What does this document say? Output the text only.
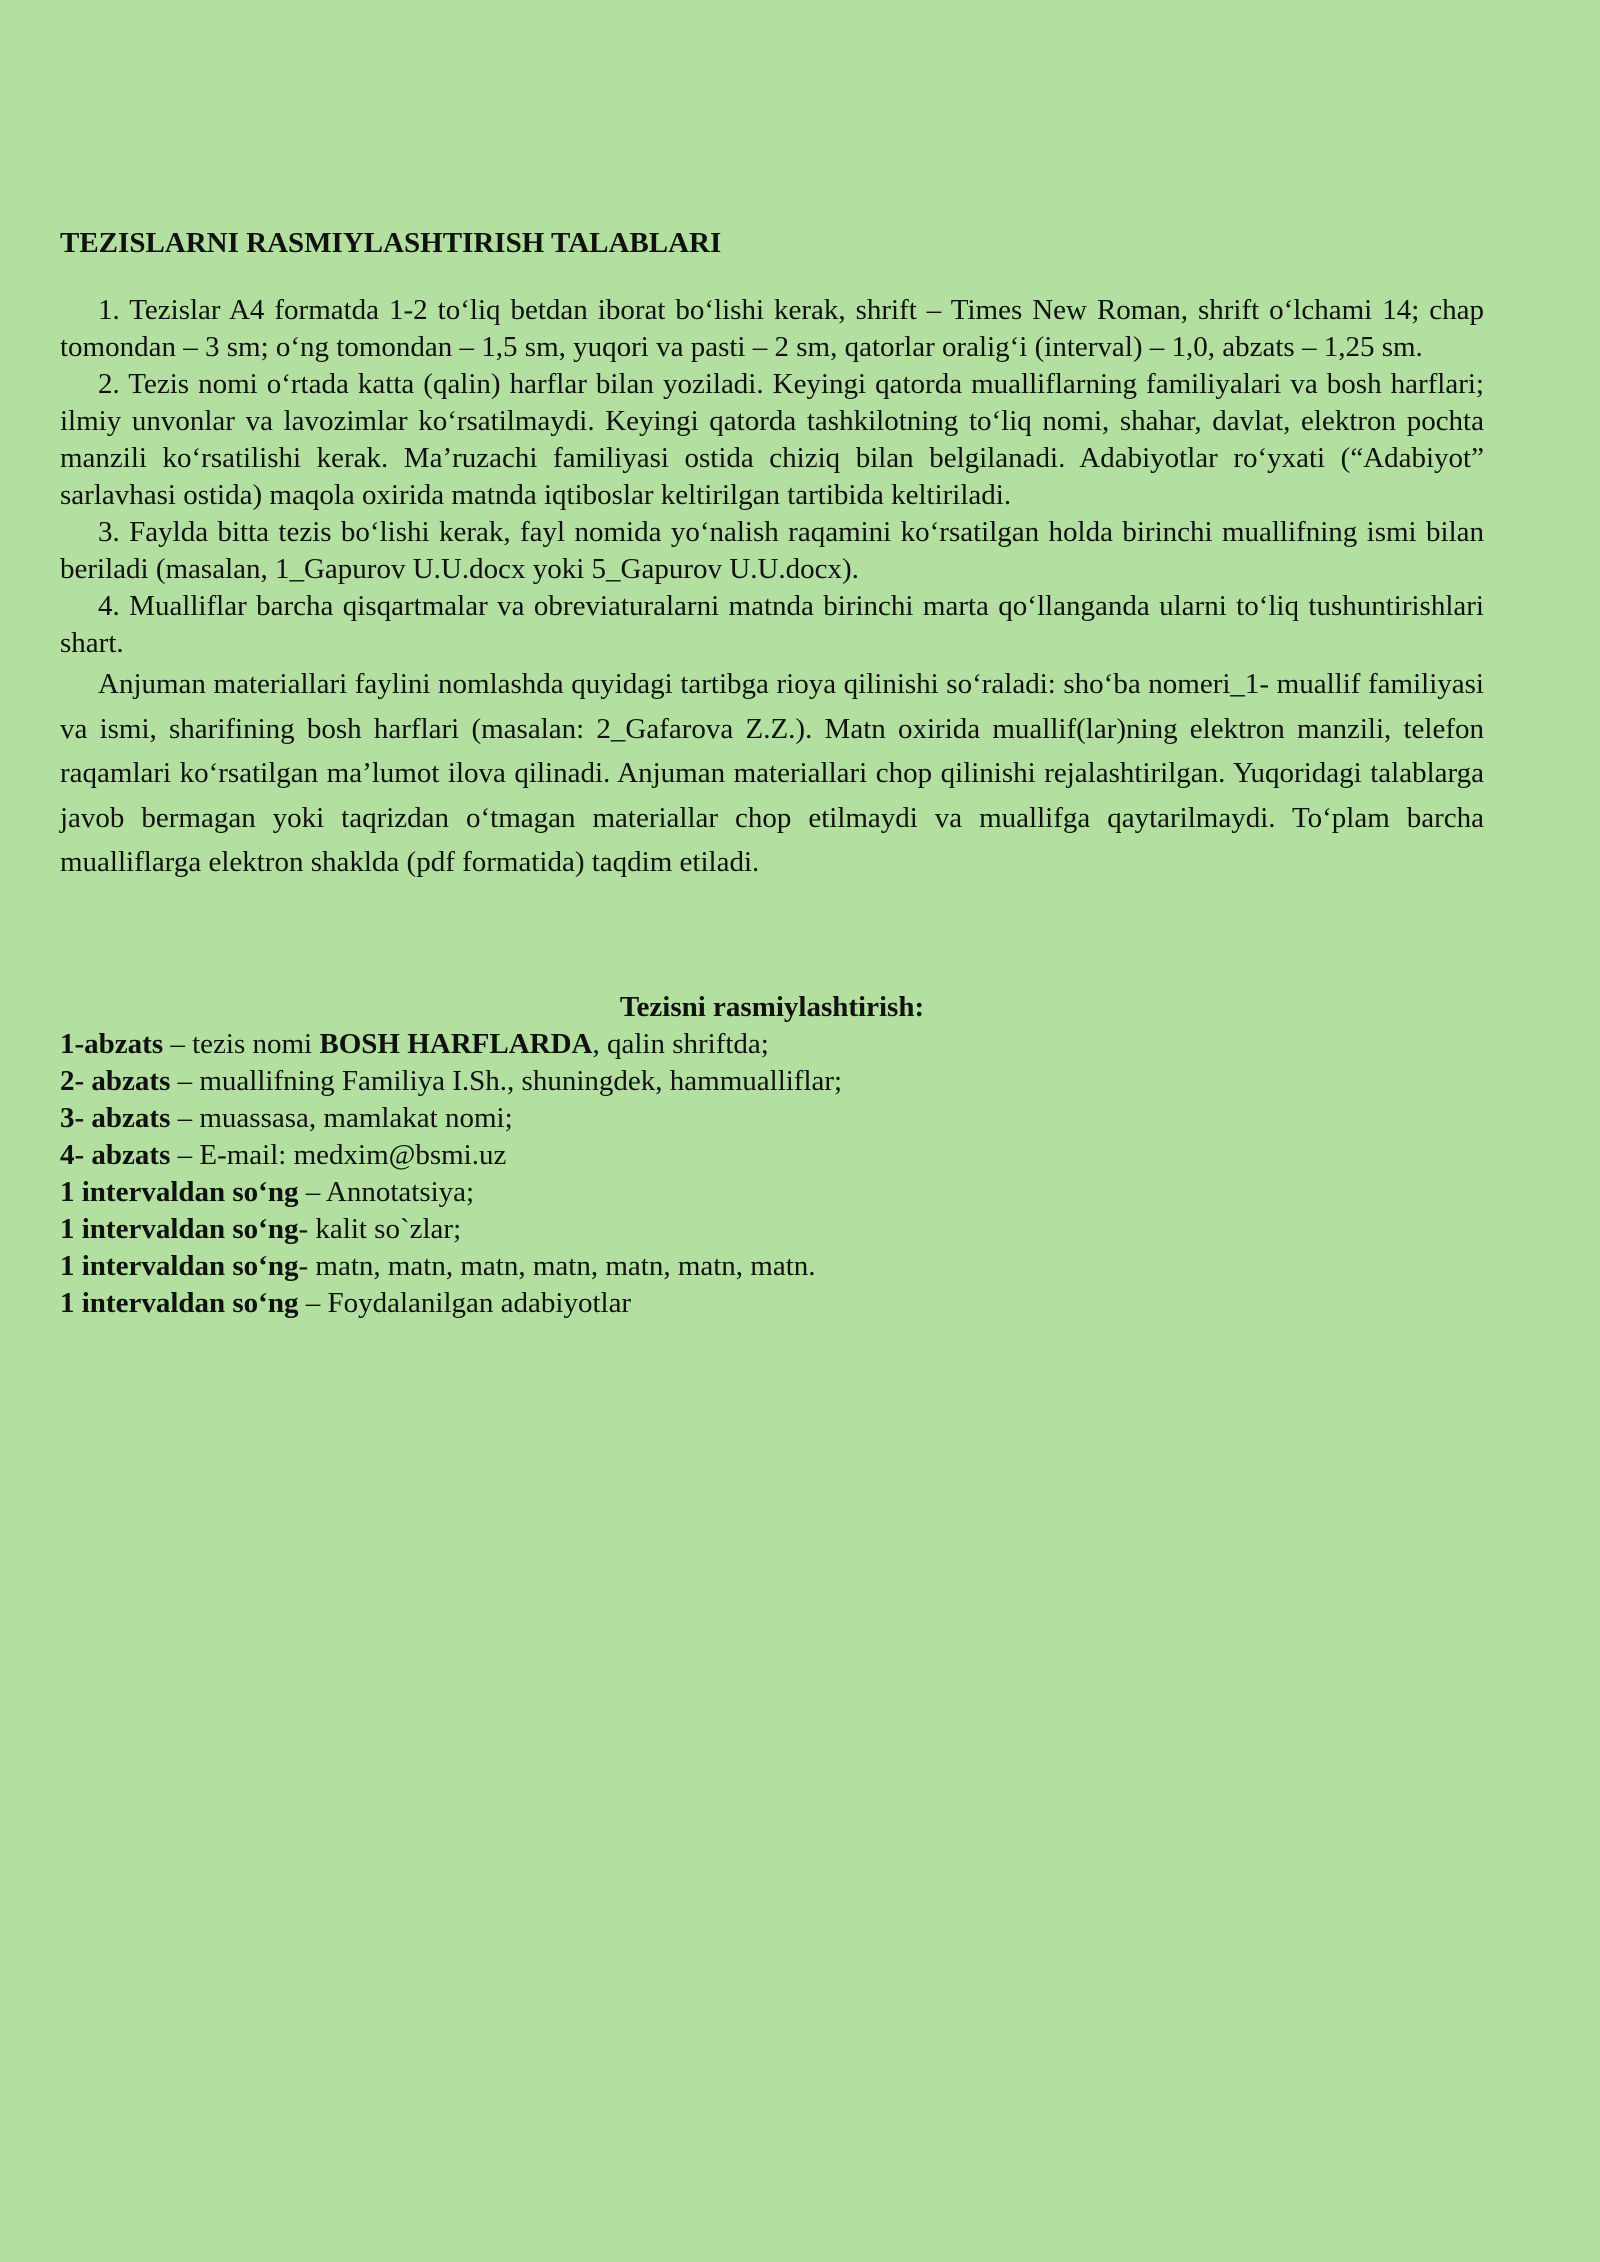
TEZISLARNI RASMIYLASHTIRISH TALABLARI

1. Tezislar A4 formatda 1-2 to‘liq betdan iborat bo‘lishi kerak, shrift – Times New Roman, shrift o‘lchami 14; chap tomondan – 3 sm; o‘ng tomondan – 1,5 sm, yuqori va pasti – 2 sm, qatorlar oralig‘i (interval) – 1,0, abzats – 1,25 sm.

2. Tezis nomi o‘rtada katta (qalin) harflar bilan yoziladi. Keyingi qatorda mualliflarning familiyalari va bosh harflari; ilmiy unvonlar va lavozimlar ko‘rsatilmaydi. Keyingi qatorda tashkilotning to‘liq nomi, shahar, davlat, elektron pochta manzili ko‘rsatilishi kerak. Ma’ruzachi familiyasi ostida chiziq bilan belgilanadi. Adabiyotlar ro‘yxati (“Adabiyot” sarlavhasi ostida) maqola oxirida matnda iqtiboslar keltirilgan tartibida keltiriladi.

3. Faylda bitta tezis bo‘lishi kerak, fayl nomida yo‘nalish raqamini ko‘rsatilgan holda birinchi muallifning ismi bilan beriladi (masalan, 1_Gapurov U.U.docx yoki 5_Gapurov U.U.docx).

4. Mualliflar barcha qisqartmalar va obreviaturalarni matnda birinchi marta qo‘llanganda ularni to‘liq tushuntirishlari shart.

Anjuman materiallari faylini nomlashda quyidagi tartibga rioya qilinishi so‘raladi: sho‘ba nomeri_1- muallif familiyasi va ismi, sharifining bosh harflari (masalan: 2_Gafarova Z.Z.). Matn oxirida muallif(lar)ning elektron manzili, telefon raqamlari ko‘rsatilgan ma’lumot ilova qilinadi. Anjuman materiallari chop qilinishi rejalashtirilgan. Yuqoridagi talablarga javob bermagan yoki taqrizdan o‘tmagan materiallar chop etilmaydi va muallifga qaytarilmaydi. To‘plam barcha mualliflarga elektron shaklda (pdf formatida) taqdim etiladi.

Tezisni rasmiylashtirish:

1-abzats – tezis nomi BOSH HARFLARDA, qalin shriftda;

2- abzats – muallifning Familiya I.Sh., shuningdek, hammualliflar;

3- abzats – muassasa, mamlakat nomi;

4- abzats – E-mail: medxim@bsmi.uz

1 intervaldan so‘ng – Annotatsiya;

1 intervaldan so‘ng- kalit so`zlar;

1 intervaldan so‘ng- matn, matn, matn, matn, matn, matn, matn.

1 intervaldan so‘ng – Foydalanilgan adabiyotlar
